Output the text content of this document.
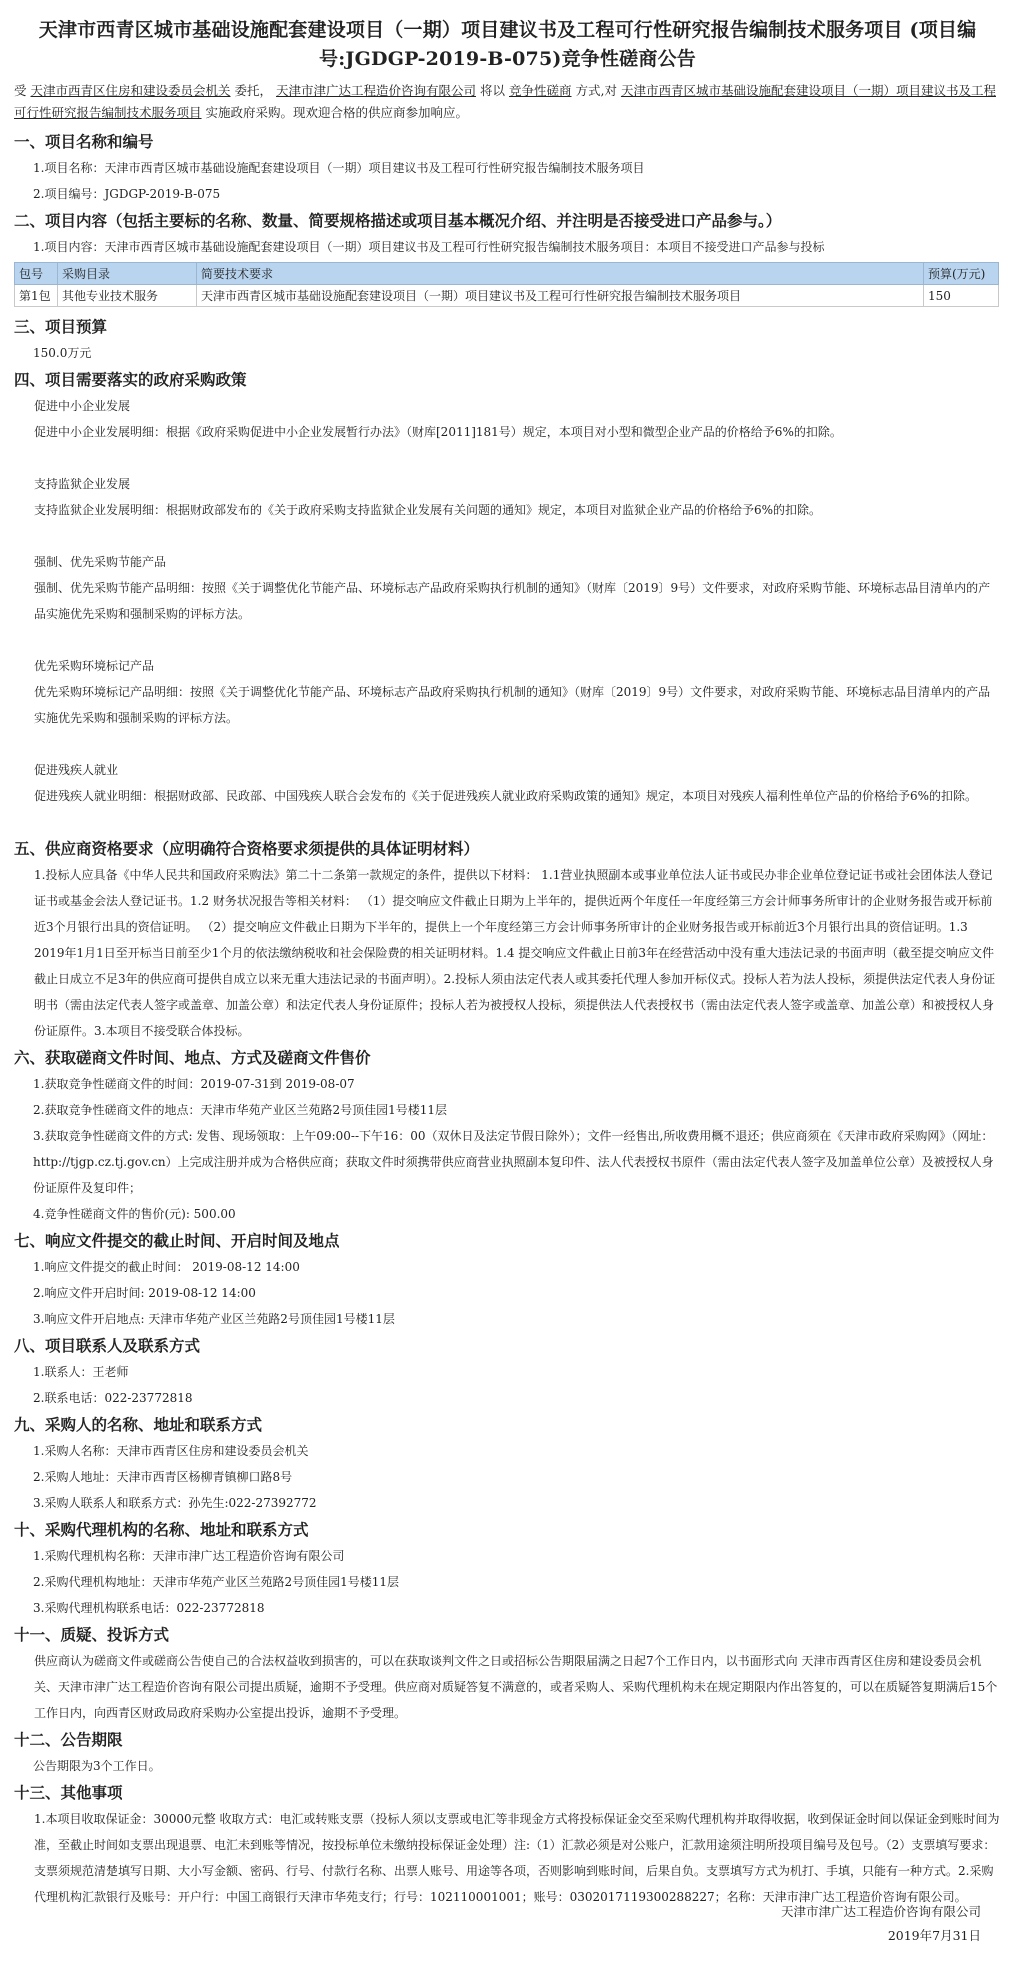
天津市西青区城市基础设施配套建设项目（一期）项目建议书及工程可行性研究报告编制技术服务项目 (项目编号:JGDGP-2019-B-075)竞争性磋商公告

受 天津市西青区住房和建设委员会机关 委托， 天津市津广达工程造价咨询有限公司 将以 竞争性磋商 方式,对 天津市西青区城市基础设施配套建设项目（一期）项目建议书及工程可行性研究报告编制技术服务项目 实施政府采购。现欢迎合格的供应商参加响应。

一、项目名称和编号

1.项目名称：天津市西青区城市基础设施配套建设项目（一期）项目建议书及工程可行性研究报告编制技术服务项目

2.项目编号：JGDGP-2019-B-075

二、项目内容（包括主要标的名称、数量、简要规格描述或项目基本概况介绍、并注明是否接受进口产品参与。）

1.项目内容：天津市西青区城市基础设施配套建设项目（一期）项目建议书及工程可行性研究报告编制技术服务项目：本项目不接受进口产品参与投标

包号	采购目录	简要技术要求	预算(万元)
第1包	其他专业技术服务	天津市西青区城市基础设施配套建设项目（一期）项目建议书及工程可行性研究报告编制技术服务项目	150
三、项目预算

150.0万元

四、项目需要落实的政府采购政策

促进中小企业发展

促进中小企业发展明细：根据《政府采购促进中小企业发展暂行办法》（财库[2011]181号）规定，本项目对小型和微型企业产品的价格给予6%的扣除。

支持监狱企业发展

支持监狱企业发展明细：根据财政部发布的《关于政府采购支持监狱企业发展有关问题的通知》规定，本项目对监狱企业产品的价格给予6%的扣除。

强制、优先采购节能产品

强制、优先采购节能产品明细：按照《关于调整优化节能产品、环境标志产品政府采购执行机制的通知》（财库〔2019〕9号）文件要求，对政府采购节能、环境标志品目清单内的产品实施优先采购和强制采购的评标方法。

优先采购环境标记产品

优先采购环境标记产品明细：按照《关于调整优化节能产品、环境标志产品政府采购执行机制的通知》（财库〔2019〕9号）文件要求，对政府采购节能、环境标志品目清单内的产品实施优先采购和强制采购的评标方法。

促进残疾人就业

促进残疾人就业明细：根据财政部、民政部、中国残疾人联合会发布的《关于促进残疾人就业政府采购政策的通知》规定，本项目对残疾人福利性单位产品的价格给予6%的扣除。

五、供应商资格要求（应明确符合资格要求须提供的具体证明材料）

1.投标人应具备《中华人民共和国政府采购法》第二十二条第一款规定的条件，提供以下材料： 1.1营业执照副本或事业单位法人证书或民办非企业单位登记证书或社会团体法人登记证书或基金会法人登记证书。1.2 财务状况报告等相关材料： （1）提交响应文件截止日期为上半年的，提供近两个年度任一年度经第三方会计师事务所审计的企业财务报告或开标前近3个月银行出具的资信证明。 （2）提交响应文件截止日期为下半年的，提供上一个年度经第三方会计师事务所审计的企业财务报告或开标前近3个月银行出具的资信证明。1.3 2019年1月1日至开标当日前至少1个月的依法缴纳税收和社会保险费的相关证明材料。1.4 提交响应文件截止日前3年在经营活动中没有重大违法记录的书面声明（截至提交响应文件截止日成立不足3年的供应商可提供自成立以来无重大违法记录的书面声明）。2.投标人须由法定代表人或其委托代理人参加开标仪式。投标人若为法人投标，须提供法定代表人身份证明书（需由法定代表人签字或盖章、加盖公章）和法定代表人身份证原件；投标人若为被授权人投标，须提供法人代表授权书（需由法定代表人签字或盖章、加盖公章）和被授权人身份证原件。3.本项目不接受联合体投标。

六、获取磋商文件时间、地点、方式及磋商文件售价

1.获取竞争性磋商文件的时间：2019-07-31到 2019-08-07

2.获取竞争性磋商文件的地点：天津市华苑产业区兰苑路2号顶佳园1号楼11层

3.获取竞争性磋商文件的方式: 发售、现场领取：上午09:00--下午16：00（双休日及法定节假日除外）；文件一经售出,所收费用概不退还；供应商须在《天津市政府采购网》（网址：http://tjgp.cz.tj.gov.cn）上完成注册并成为合格供应商；获取文件时须携带供应商营业执照副本复印件、法人代表授权书原件（需由法定代表人签字及加盖单位公章）及被授权人身份证原件及复印件；

4.竞争性磋商文件的售价(元): 500.00

七、响应文件提交的截止时间、开启时间及地点

1.响应文件提交的截止时间： 2019-08-12 14:00

2.响应文件开启时间: 2019-08-12 14:00

3.响应文件开启地点: 天津市华苑产业区兰苑路2号顶佳园1号楼11层

八、项目联系人及联系方式

1.联系人：王老师

2.联系电话：022-23772818

九、采购人的名称、地址和联系方式

1.采购人名称：天津市西青区住房和建设委员会机关

2.采购人地址：天津市西青区杨柳青镇柳口路8号

3.采购人联系人和联系方式：孙先生:022-27392772

十、采购代理机构的名称、地址和联系方式

1.采购代理机构名称：天津市津广达工程造价咨询有限公司

2.采购代理机构地址：天津市华苑产业区兰苑路2号顶佳园1号楼11层

3.采购代理机构联系电话：022-23772818

十一、质疑、投诉方式

供应商认为磋商文件或磋商公告使自己的合法权益收到损害的，可以在获取谈判文件之日或招标公告期限届满之日起7个工作日内，以书面形式向 天津市西青区住房和建设委员会机关、天津市津广达工程造价咨询有限公司提出质疑，逾期不予受理。供应商对质疑答复不满意的，或者采购人、采购代理机构未在规定期限内作出答复的，可以在质疑答复期满后15个工作日内，向西青区财政局政府采购办公室提出投诉，逾期不予受理。

十二、公告期限

公告期限为3个工作日。

十三、其他事项

1.本项目收取保证金：30000元整 收取方式：电汇或转账支票（投标人须以支票或电汇等非现金方式将投标保证金交至采购代理机构并取得收据，收到保证金时间以保证金到账时间为准，至截止时间如支票出现退票、电汇未到账等情况，按投标单位未缴纳投标保证金处理）注:（1）汇款必须是对公账户，汇款用途须注明所投项目编号及包号。（2）支票填写要求：支票须规范清楚填写日期、大小写金额、密码、行号、付款行名称、出票人账号、用途等各项，否则影响到账时间，后果自负。支票填写方式为机打、手填，只能有一种方式。2.采购代理机构汇款银行及账号：开户行：中国工商银行天津市华苑支行；行号：102110001001；账号：0302017119300288227；名称：天津市津广达工程造价咨询有限公司。

天津市津广达工程造价咨询有限公司
2019年7月31日
